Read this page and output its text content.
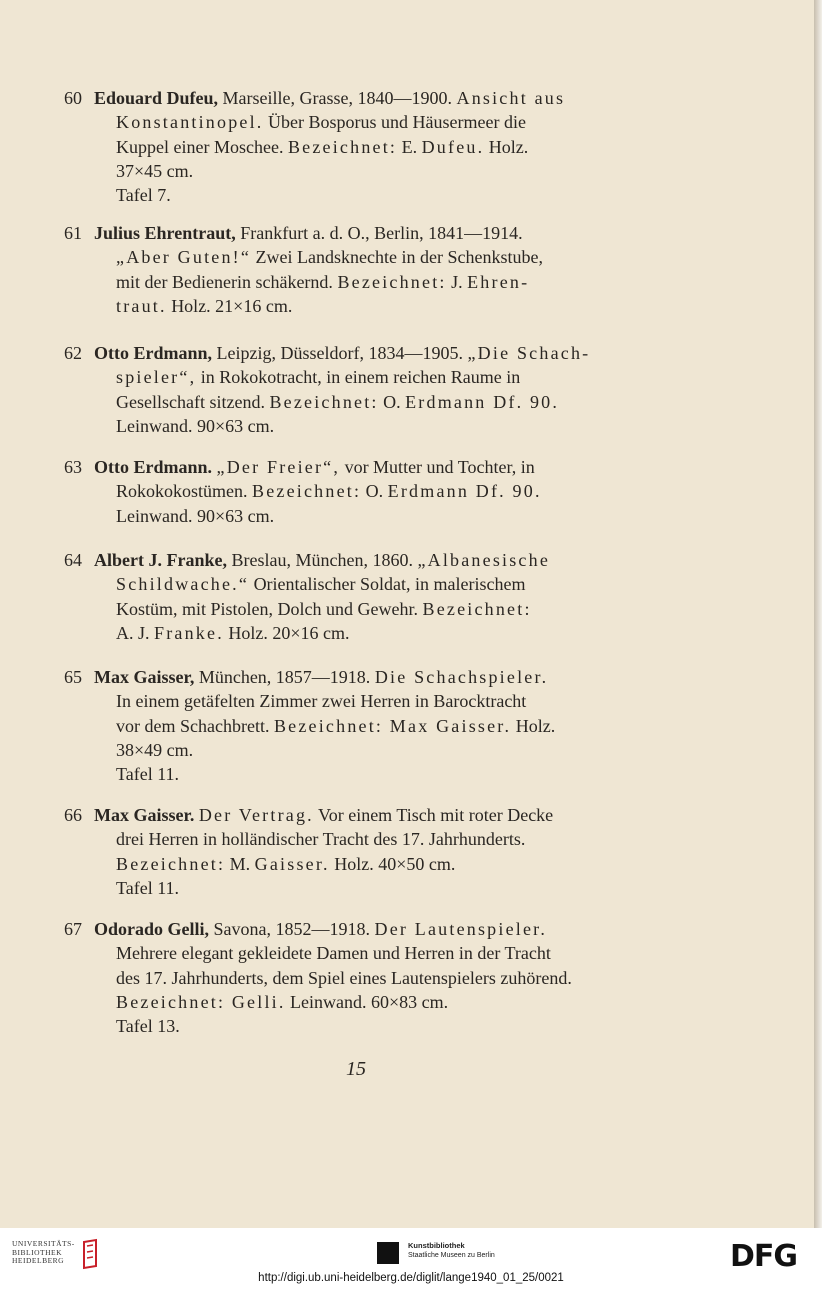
60 Edouard Dufeu, Marseille, Grasse, 1840—1900. Ansicht aus
Konstantinopel. Über Bosporus und Häusermeer die
Kuppel einer Moschee. Bezeichnet: E. Dufeu. Holz.
37×45 cm.
Tafel 7.
61 Julius Ehrentraut, Frankfurt a. d. O., Berlin, 1841—1914.
„Aber Guten!“ Zwei Landsknechte in der Schenkstube,
mit der Bedienerin schäkernd. Bezeichnet: J. Ehren-
traut. Holz. 21×16 cm.
62 Otto Erdmann, Leipzig, Düsseldorf, 1834—1905. „Die Schach-
spieler“, in Rokokotracht, in einem reichen Raume in
Gesellschaft sitzend. Bezeichnet: O. Erdmann Df. 90.
Leinwand. 90×63 cm.
63 Otto Erdmann. „Der Freier“, vor Mutter und Tochter, in
Rokokokostümen. Bezeichnet: O. Erdmann Df. 90.
Leinwand. 90×63 cm.
64 Albert J. Franke, Breslau, München, 1860. „Albanesische
Schildwache.“ Orientalischer Soldat, in malerischem
Kostüm, mit Pistolen, Dolch und Gewehr. Bezeichnet:
A. J. Franke. Holz. 20×16 cm.
65 Max Gaisser, München, 1857—1918. Die Schachspieler.
In einem getäfelten Zimmer zwei Herren in Barocktracht
vor dem Schachbrett. Bezeichnet: Max Gaisser. Holz.
38×49 cm.
Tafel 11.
66 Max Gaisser. Der Vertrag. Vor einem Tisch mit roter Decke
drei Herren in holländischer Tracht des 17. Jahrhunderts.
Bezeichnet: M. Gaisser. Holz. 40×50 cm.
Tafel 11.
67 Odorado Gelli, Savona, 1852—1918. Der Lautenspieler.
Mehrere elegant gekleidete Damen und Herren in der Tracht
des 17. Jahrhunderts, dem Spiel eines Lautenspielers zuhörend.
Bezeichnet: Gelli. Leinwand. 60×83 cm.
Tafel 13.
15
UNIVERSITÄTS-
BIBLIOTHEK
HEIDELBERG
Kunstbibliothek
Staatliche Museen zu Berlin	DFG
http://digi.ub.uni-heidelberg.de/diglit/lange1940_01_25/0021
